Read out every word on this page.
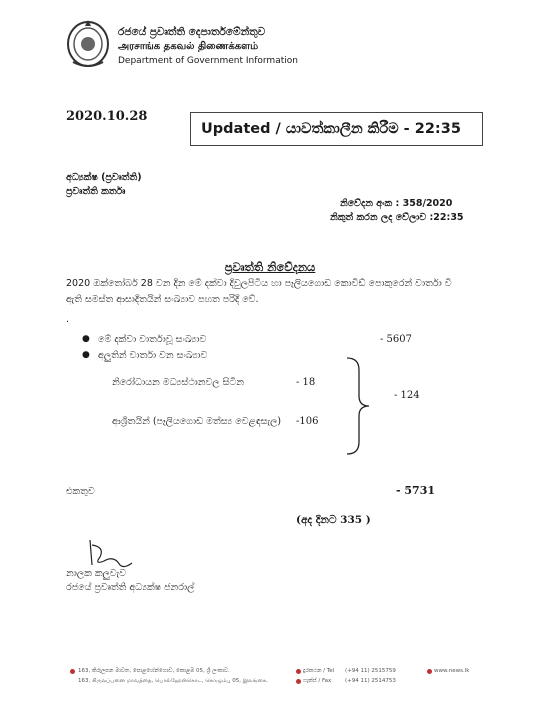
රජයේ ප්‍රවෘත්ති දෙපාර්තමේන්තුව
அரசாங்க தகவல் திணைக்களம்
Department of Government Information
2020.10.28
Updated / යාවත්කාලීන කිරීම - 22:35
අධ්‍යක්ෂ (ප්‍රවෘත්ති)
ප්‍රවෘත්ති කර්තෘ
නිවේදන අංක : 358/2020
නිකුත් කරන ලද වේලාව :22:35
ප්‍රවෘත්ති නිවේදනය
2020 ඔක්තෝබර් 28 වන දින මේ දක්වා දිවුලපිටිය හා පෑලියගොඩ කොවිඩ් පොකුරෙන් වාර්තා වී
ඇති සමස්ත ආසාදිතයින් සංඛ්‍යාව පහත පරිදි වේ.
.
● මේ දක්වා වාර්තාවූ සංඛ්‍යාව	- 5607
● අලුතින් වාර්තා වන සංඛ්‍යාව
නිරෝධායන මධ්‍යස්ථානවල සිටින	- 18
ආශ්‍රිතයින් (පෑලියගොඩ මත්ස්‍ය වෙළඳසැල) -106
- 124
එකතුව	- 5731
(අද දිනට 335 )
නාලක කලුවැව
රජයේ ප්‍රවෘත්ති අධ්‍යක්ෂ ජනරාල්
163, කිරුලපන මාවත, පොළහේන්ගොඩ, කොළඹ 05, ශ්‍රී ලංකාව.
163, கிருலப்பனை மாவத்தை, பொல்ஹேன்கொட, கொழும்பு 05, இலங்கை.
දුරකථන / Tel (+94 11) 2515759
ෆැක්ස් / Fax (+94 11) 2514753
www.news.lk
